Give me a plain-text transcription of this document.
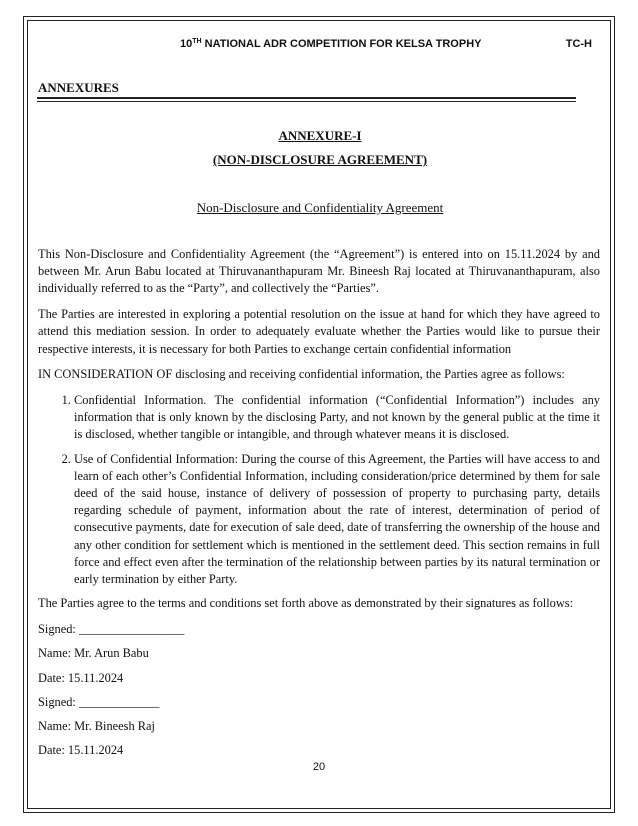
10TH NATIONAL ADR COMPETITION FOR KELSA TROPHY	TC-H
ANNEXURES
ANNEXURE-I
(NON-DISCLOSURE AGREEMENT)
Non-Disclosure and Confidentiality Agreement

This Non-Disclosure and Confidentiality Agreement (the “Agreement”) is entered into on 15.11.2024 by and between Mr. Arun Babu located at Thiruvananthapuram Mr. Bineesh Raj located at Thiruvananthapuram, also individually referred to as the “Party”, and collectively the “Parties”.

The Parties are interested in exploring a potential resolution on the issue at hand for which they have agreed to attend this mediation session. In order to adequately evaluate whether the Parties would like to pursue their respective interests, it is necessary for both Parties to exchange certain confidential information

IN CONSIDERATION OF disclosing and receiving confidential information, the Parties agree as follows:

1. Confidential Information. The confidential information (“Confidential Information”) includes any information that is only known by the disclosing Party, and not known by the general public at the time it is disclosed, whether tangible or intangible, and through whatever means it is disclosed.
2. Use of Confidential Information: During the course of this Agreement, the Parties will have access to and learn of each other’s Confidential Information, including consideration/price determined by them for sale deed of the said house, instance of delivery of possession of property to purchasing party, details regarding schedule of payment, information about the rate of interest, determination of period of consecutive payments, date for execution of sale deed, date of transferring the ownership of the house and any other condition for settlement which is mentioned in the settlement deed. This section remains in full force and effect even after the termination of the relationship between parties by its natural termination or early termination by either Party.

The Parties agree to the terms and conditions set forth above as demonstrated by their signatures as follows:

Signed: _________________
Name: Mr. Arun Babu
Date: 15.11.2024
Signed: _____________
Name: Mr. Bineesh Raj
Date: 15.11.2024
20
